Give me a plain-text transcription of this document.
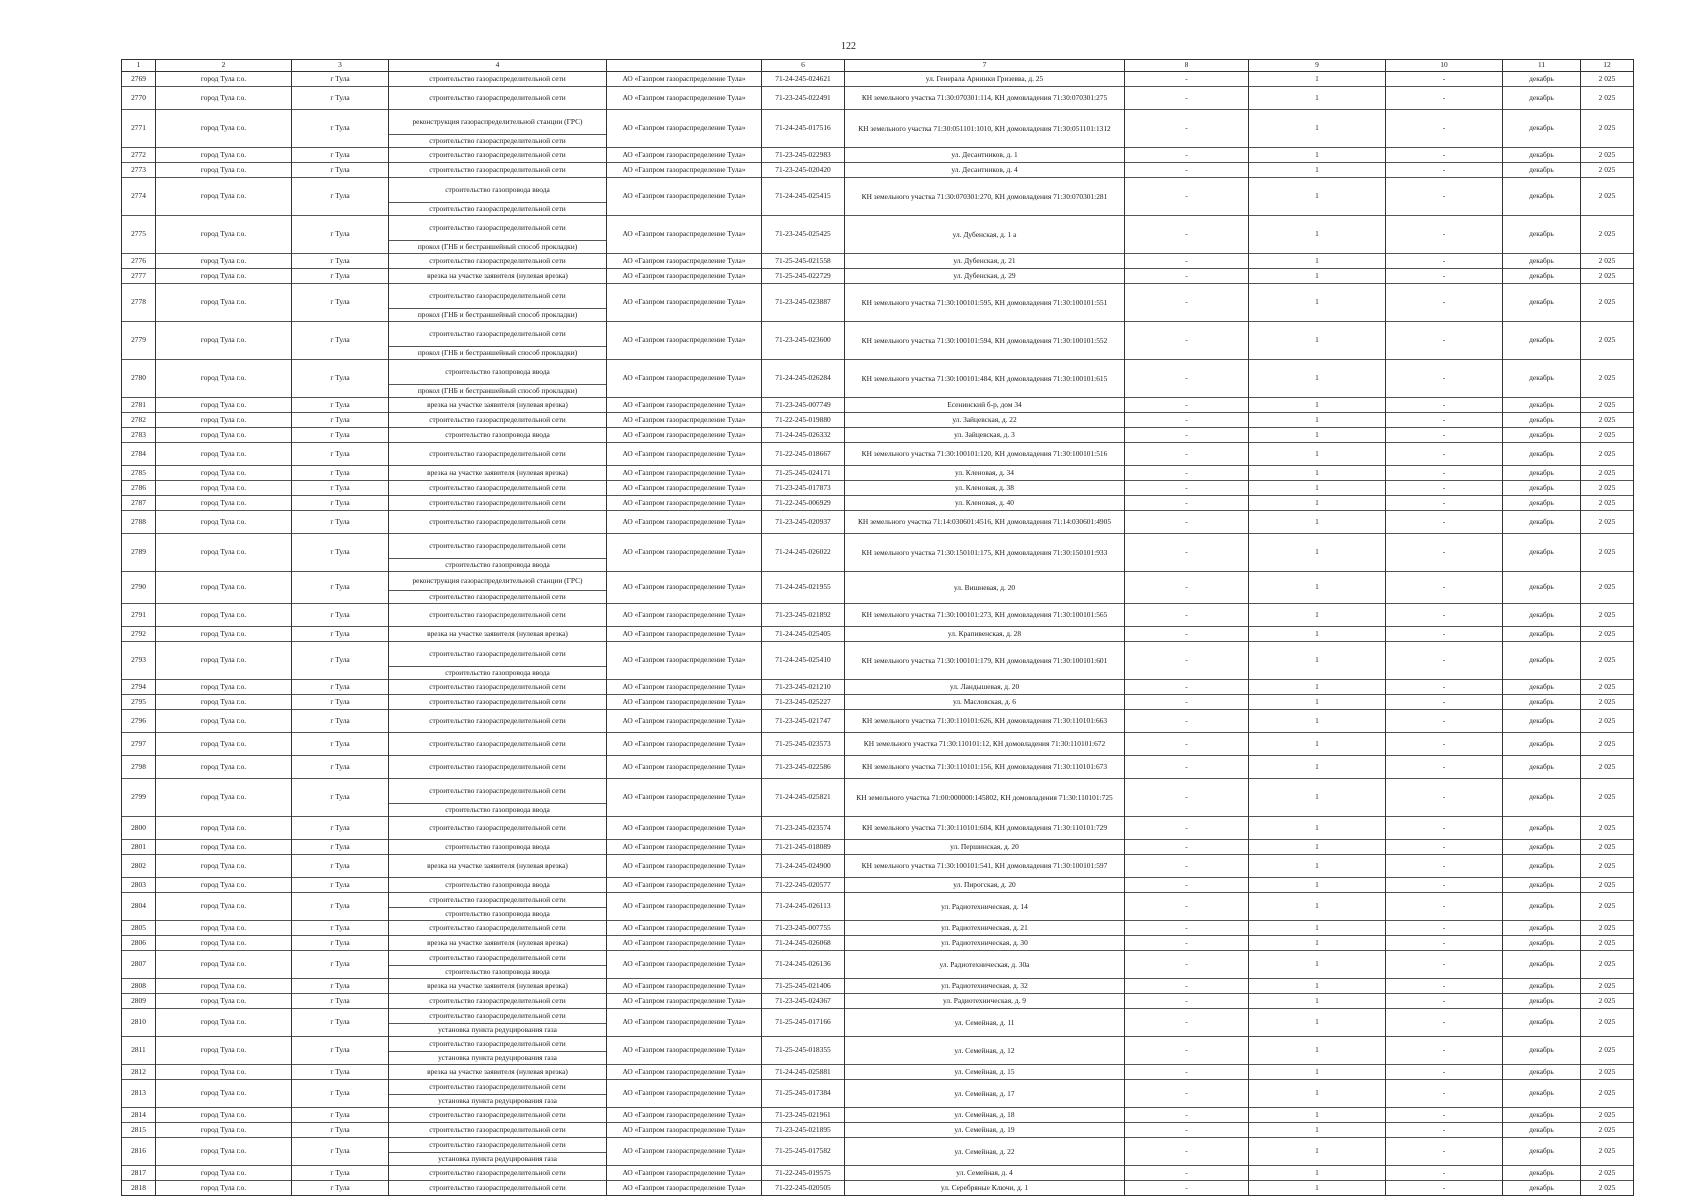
122
1	2	3	4		6	7	8	9	10	11	12
2769	город Тула г.о.	г Тула	строительство газораспределительной сети	АО «Газпром газораспределение Тула»	71-24-245-024621	ул. Генерала Арнинки Гризевва, д. 25	-	1	-	декабрь	2 025
2770	город Тула г.о.	г Тула	строительство газораспределительной сети	АО «Газпром газораспределение Тула»	71-23-245-022491	КН земельного участка 71:30:070301:114, КН домовладения 71:30:070301:275	-	1	-	декабрь	2 025
2771	город Тула г.о.	г Тула	реконструкция газораспределительной станции (ГРС)	АО «Газпром газораспределение Тула»	71-24-245-017516	КН земельного участка 71:30:051101:1010, КН домовладения 71:30:051101:1312	-	1	-	декабрь	2 025
			строительство газораспределительной сети								
2772	город Тула г.о.	г Тула	строительство газораспределительной сети	АО «Газпром газораспределение Тула»	71-23-245-022983	ул. Десантников, д. 1	-	1	-	декабрь	2 025
2773	город Тула г.о.	г Тула	строительство газораспределительной сети	АО «Газпром газораспределение Тула»	71-23-245-020420	ул. Десантников, д. 4	-	1	-	декабрь	2 025
2774	город Тула г.о.	г Тула	строительство газопровода ввода	АО «Газпром газораспределение Тула»	71-24-245-025415	КН земельного участка 71:30:070301:270, КН домовладения 71:30:070301:281	-	1	-	декабрь	2 025
			строительство газораспределительной сети								
2775	город Тула г.о.	г Тула	строительство газораспределительной сети	АО «Газпром газораспределение Тула»	71-23-245-025425	ул. Дубенская, д. 1 а	-	1	-	декабрь	2 025
			прокол (ГНБ и бестраншейный способ прокладки)								
2776	город Тула г.о.	г Тула	строительство газораспределительной сети	АО «Газпром газораспределение Тула»	71-25-245-021558	ул. Дубенская, д. 21	-	1	-	декабрь	2 025
2777	город Тула г.о.	г Тула	врезка на участке заявителя (нулевая врезка)	АО «Газпром газораспределение Тула»	71-25-245-022729	ул. Дубенская, д. 29	-	1	-	декабрь	2 025
2778	город Тула г.о.	г Тула	строительство газораспределительной сети	АО «Газпром газораспределение Тула»	71-23-245-023887	КН земельного участка 71:30:100101:595, КН домовладения 71:30:100101:551	-	1	-	декабрь	2 025
			прокол (ГНБ и бестраншейный способ прокладки)								
2779	город Тула г.о.	г Тула	строительство газораспределительной сети	АО «Газпром газораспределение Тула»	71-23-245-023600	КН земельного участка 71:30:100101:594, КН домовладения 71:30:100101:552	-	1	-	декабрь	2 025
			прокол (ГНБ и бестраншейный способ прокладки)								
2780	город Тула г.о.	г Тула	строительство газопровода ввода	АО «Газпром газораспределение Тула»	71-24-245-026284	КН земельного участка 71:30:100101:484, КН домовладения 71:30:100101:615	-	1	-	декабрь	2 025
			прокол (ГНБ и бестраншейный способ прокладки)								
2781	город Тула г.о.	г Тула	врезка на участке заявителя (нулевая врезка)	АО «Газпром газораспределение Тула»	71-23-245-007749	Есенинский б-р, дом 34	-	1	-	декабрь	2 025
2782	город Тула г.о.	г Тула	строительство газораспределительной сети	АО «Газпром газораспределение Тула»	71-22-245-019880	ул. Зайцевская, д. 22	-	1	-	декабрь	2 025
2783	город Тула г.о.	г Тула	строительство газопровода ввода	АО «Газпром газораспределение Тула»	71-24-245-026332	ул. Зайцевская, д. 3	-	1	-	декабрь	2 025
2784	город Тула г.о.	г Тула	строительство газораспределительной сети	АО «Газпром газораспределение Тула»	71-22-245-018667	КН земельного участка 71:30:100101:120, КН домовладения 71:30:100101:516	-	1	-	декабрь	2 025
2785	город Тула г.о.	г Тула	врезка на участке заявителя (нулевая врезка)	АО «Газпром газораспределение Тула»	71-25-245-024171	ул. Кленовая, д. 34	-	1	-	декабрь	2 025
2786	город Тула г.о.	г Тула	строительство газораспределительной сети	АО «Газпром газораспределение Тула»	71-23-245-017873	ул. Кленовая, д. 38	-	1	-	декабрь	2 025
2787	город Тула г.о.	г Тула	строительство газораспределительной сети	АО «Газпром газораспределение Тула»	71-22-245-006929	ул. Кленовая, д. 40	-	1	-	декабрь	2 025
2788	город Тула г.о.	г Тула	строительство газораспределительной сети	АО «Газпром газораспределение Тула»	71-23-245-020937	КН земельного участка 71:14:030601:4516, КН домовладения 71:14:030601:4905	-	1	-	декабрь	2 025
2789	город Тула г.о.	г Тула	строительство газораспределительной сети	АО «Газпром газораспределение Тула»	71-24-245-026022	КН земельного участка 71:30:150101:175, КН домовладения 71:30:150101:933	-	1	-	декабрь	2 025
			строительство газопровода ввода								
2790	город Тула г.о.	г Тула	реконструкция газораспределительной станции (ГРС)	АО «Газпром газораспределение Тула»	71-24-245-021955	ул. Вишневая, д. 20	-	1	-	декабрь	2 025
			строительство газораспределительной сети								
2791	город Тула г.о.	г Тула	строительство газораспределительной сети	АО «Газпром газораспределение Тула»	71-23-245-021892	КН земельного участка 71:30:100101:273, КН домовладения 71:30:100101:565	-	1	-	декабрь	2 025
2792	город Тула г.о.	г Тула	врезка на участке заявителя (нулевая врезка)	АО «Газпром газораспределение Тула»	71-24-245-025405	ул. Крапивенская, д. 28	-	1	-	декабрь	2 025
2793	город Тула г.о.	г Тула	строительство газораспределительной сети	АО «Газпром газораспределение Тула»	71-24-245-025410	КН земельного участка 71:30:100101:179, КН домовладения 71:30:100101:601	-	1	-	декабрь	2 025
			строительство газопровода ввода								
2794	город Тула г.о.	г Тула	строительство газораспределительной сети	АО «Газпром газораспределение Тула»	71-23-245-021210	ул. Ландышевая, д. 20	-	1	-	декабрь	2 025
2795	город Тула г.о.	г Тула	строительство газораспределительной сети	АО «Газпром газораспределение Тула»	71-23-245-025227	ул. Масловская, д. 6	-	1	-	декабрь	2 025
2796	город Тула г.о.	г Тула	строительство газораспределительной сети	АО «Газпром газораспределение Тула»	71-23-245-021747	КН земельного участка 71:30:110101:626, КН домовладения 71:30:110101:663	-	1	-	декабрь	2 025
2797	город Тула г.о.	г Тула	строительство газораспределительной сети	АО «Газпром газораспределение Тула»	71-25-245-023573	КН земельного участка 71:30:110101:12, КН домовладения 71:30:110101:672	-	1	-	декабрь	2 025
2798	город Тула г.о.	г Тула	строительство газораспределительной сети	АО «Газпром газораспределение Тула»	71-23-245-022586	КН земельного участка 71:30:110101:156, КН домовладения 71:30:110101:673	-	1	-	декабрь	2 025
2799	город Тула г.о.	г Тула	строительство газораспределительной сети	АО «Газпром газораспределение Тула»	71-24-245-025821	КН земельного участка 71:00:000000:145802, КН домовладения 71:30:110101:725	-	1	-	декабрь	2 025
			строительство газопровода ввода								
2800	город Тула г.о.	г Тула	строительство газораспределительной сети	АО «Газпром газораспределение Тула»	71-23-245-023574	КН земельного участка 71:30:110101:604, КН домовладения 71:30:110101:729	-	1	-	декабрь	2 025
2801	город Тула г.о.	г Тула	строительство газопровода ввода	АО «Газпром газораспределение Тула»	71-21-245-018089	ул. Першинская, д. 20	-	1	-	декабрь	2 025
2802	город Тула г.о.	г Тула	врезка на участке заявителя (нулевая врезка)	АО «Газпром газораспределение Тула»	71-24-245-024900	КН земельного участка 71:30:100101:541, КН домовладения 71:30:100101:597	-	1	-	декабрь	2 025
2803	город Тула г.о.	г Тула	строительство газопровода ввода	АО «Газпром газораспределение Тула»	71-22-245-020577	ул. Пирогская, д. 20	-	1	-	декабрь	2 025
2804	город Тула г.о.	г Тула	строительство газораспределительной сети	АО «Газпром газораспределение Тула»	71-24-245-026113	ул. Радиотехническая, д. 14	-	1	-	декабрь	2 025
			строительство газопровода ввода								
2805	город Тула г.о.	г Тула	строительство газораспределительной сети	АО «Газпром газораспределение Тула»	71-23-245-007755	ул. Радиотехническая, д. 21	-	1	-	декабрь	2 025
2806	город Тула г.о.	г Тула	врезка на участке заявителя (нулевая врезка)	АО «Газпром газораспределение Тула»	71-24-245-026068	ул. Радиотехническая, д. 30	-	1	-	декабрь	2 025
2807	город Тула г.о.	г Тула	строительство газораспределительной сети	АО «Газпром газораспределение Тула»	71-24-245-026136	ул. Радиотехническая, д. 30а	-	1	-	декабрь	2 025
			строительство газопровода ввода								
2808	город Тула г.о.	г Тула	врезка на участке заявителя (нулевая врезка)	АО «Газпром газораспределение Тула»	71-25-245-021406	ул. Радиотехническая, д. 32	-	1	-	декабрь	2 025
2809	город Тула г.о.	г Тула	строительство газораспределительной сети	АО «Газпром газораспределение Тула»	71-23-245-024367	ул. Радиотехническая, д. 9	-	1	-	декабрь	2 025
2810	город Тула г.о.	г Тула	строительство газораспределительной сети	АО «Газпром газораспределение Тула»	71-25-245-017166	ул. Семейная, д. 11	-	1	-	декабрь	2 025
			установка пункта редуцирования газа								
2811	город Тула г.о.	г Тула	строительство газораспределительной сети	АО «Газпром газораспределение Тула»	71-25-245-018355	ул. Семейная, д. 12	-	1	-	декабрь	2 025
			установка пункта редуцирования газа								
2812	город Тула г.о.	г Тула	врезка на участке заявителя (нулевая врезка)	АО «Газпром газораспределение Тула»	71-24-245-025881	ул. Семейная, д. 15	-	1	-	декабрь	2 025
2813	город Тула г.о.	г Тула	строительство газораспределительной сети	АО «Газпром газораспределение Тула»	71-25-245-017384	ул. Семейная, д. 17	-	1	-	декабрь	2 025
			установка пункта редуцирования газа								
2814	город Тула г.о.	г Тула	строительство газораспределительной сети	АО «Газпром газораспределение Тула»	71-23-245-021961	ул. Семейная, д. 18	-	1	-	декабрь	2 025
2815	город Тула г.о.	г Тула	строительство газораспределительной сети	АО «Газпром газораспределение Тула»	71-23-245-021895	ул. Семейная, д. 19	-	1	-	декабрь	2 025
2816	город Тула г.о.	г Тула	строительство газораспределительной сети	АО «Газпром газораспределение Тула»	71-25-245-017582	ул. Семейная, д. 22	-	1	-	декабрь	2 025
			установка пункта редуцирования газа								
2817	город Тула г.о.	г Тула	строительство газораспределительной сети	АО «Газпром газораспределение Тула»	71-22-245-019575	ул. Семейная, д. 4	-	1	-	декабрь	2 025
2818	город Тула г.о.	г Тула	строительство газораспределительной сети	АО «Газпром газораспределение Тула»	71-22-245-020505	ул. Серебряные Ключи, д. 1	-	1	-	декабрь	2 025
